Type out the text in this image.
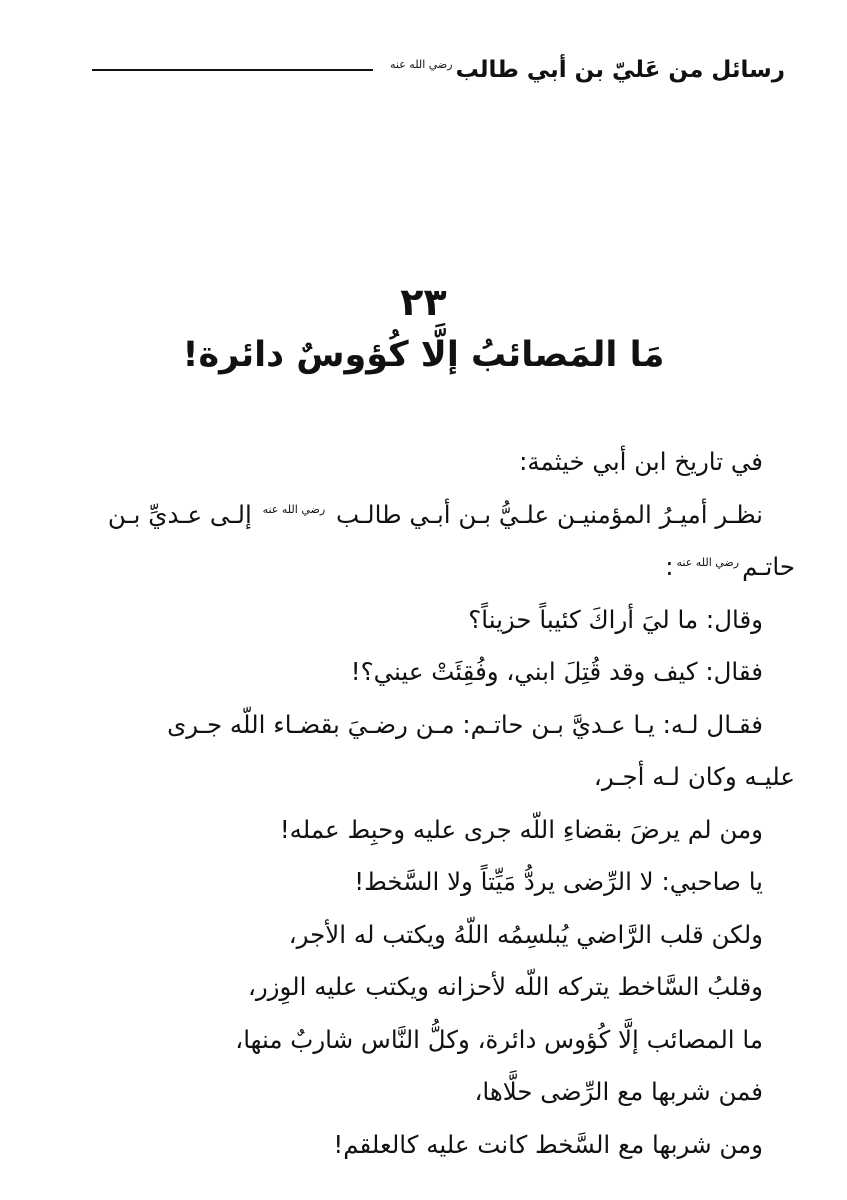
رسائل من عَليّ بن أبي طالبرضي الله عنه
٢٣
مَا المَصائبُ إلَّا كُؤوسٌ دائرة!

في تاريخ ابن أبي خيثمة:

نظـر أميـرُ المؤمنيـن علـيُّ بـن أبـي طالـب رضي الله عنه إلـى عـديِّ بـن

حاتـمرضي الله عنه:

وقال: ما ليَ أراكَ كئيباً حزيناً؟

فقال: كيف وقد قُتِلَ ابني، وفُقِئَتْ عيني؟!

فقـال لـه: يـا عـديَّ بـن حاتـم: مـن رضـيَ بقضـاء اللّه جـرى

عليـه وكان لـه أجـر،

ومن لم يرضَ بقضاءِ اللّه جرى عليه وحبِط عمله!

يا صاحبي: لا الرِّضى يردُّ مَيِّتاً ولا السَّخط!

ولكن قلب الرَّاضي يُبلسِمُه اللّهُ ويكتب له الأجر،

وقلبُ السَّاخط يتركه اللّه لأحزانه ويكتب عليه الوِزر،

ما المصائب إلَّا كُؤوس دائرة، وكلُّ النَّاس شاربٌ منها،

فمن شربها مع الرِّضى حلَّاها،

ومن شربها مع السَّخط كانت عليه كالعلقم!
